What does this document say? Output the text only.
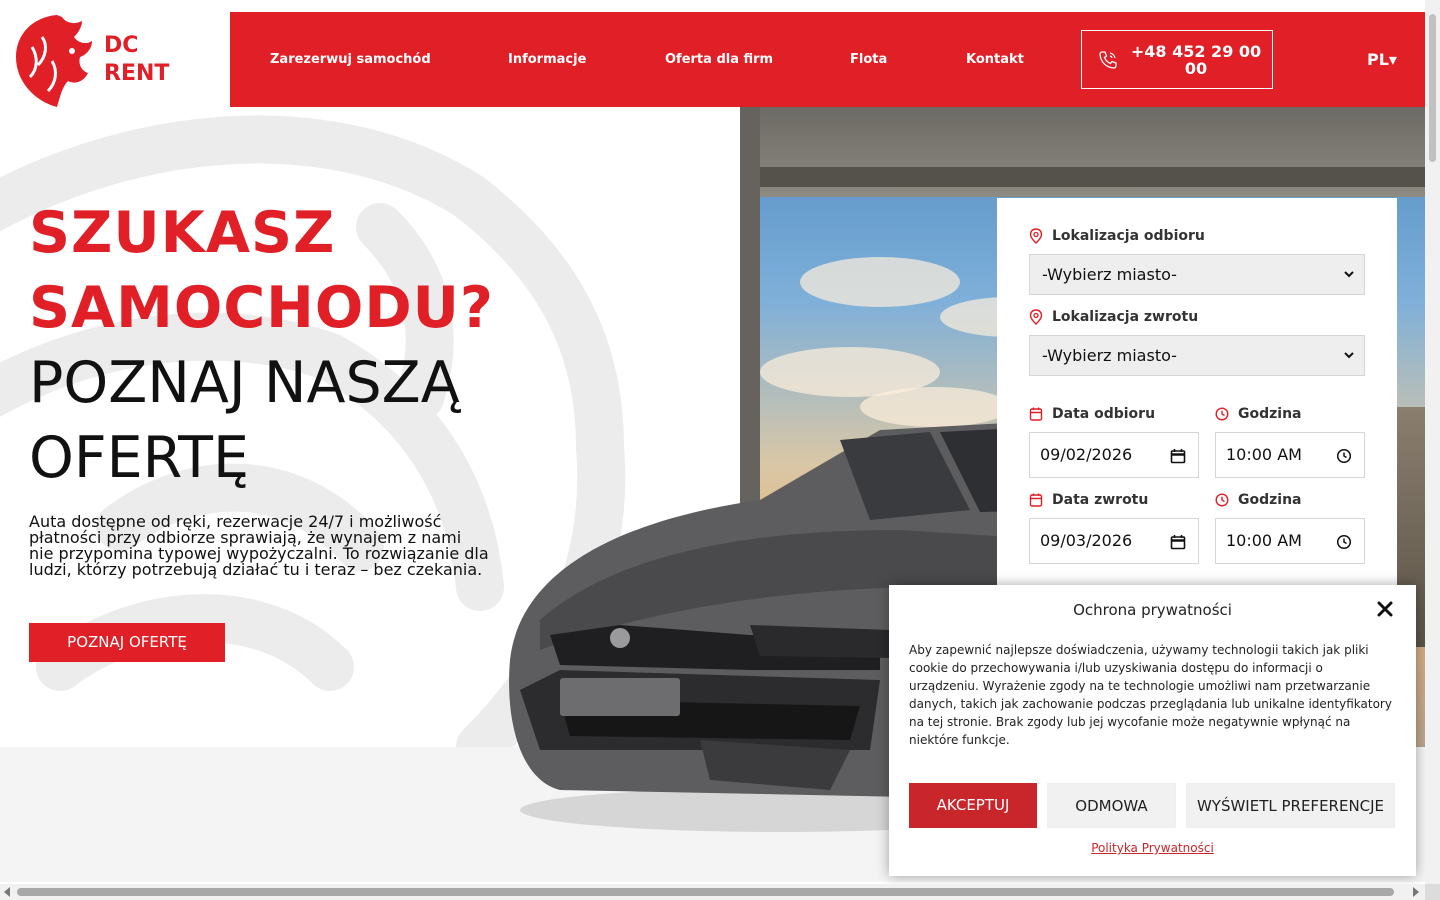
DC
RENT
Zarezerwuj samochód	Informacje	Oferta dla firm	Flota	Kontakt	+48 452 29 00
00	PL▾
SZUKASZ
SAMOCHODU?
POZNAJ NASZĄ
OFERTĘ
Auta dostępne od ręki, rezerwacje 24/7 i możliwość
płatności przy odbiorze sprawiają, że wynajem z nami
nie przypomina typowej wypożyczalni. To rozwiązanie dla
ludzi, którzy potrzebują działać tu i teraz – bez czekania.
POZNAJ OFERTĘ
Lokalizacja odbioru
-Wybierz miasto-
Lokalizacja zwrotu
-Wybierz miasto-
Data odbioru	Godzina
09/02/2026	10:00 AM
Data zwrotu	Godzina
09/03/2026	10:00 AM
Ochrona prywatności
Aby zapewnić najlepsze doświadczenia, używamy technologii takich jak pliki
cookie do przechowywania i/lub uzyskiwania dostępu do informacji o
urządzeniu. Wyrażenie zgody na te technologie umożliwi nam przetwarzanie
danych, takich jak zachowanie podczas przeglądania lub unikalne identyfikatory
na tej stronie. Brak zgody lub jej wycofanie może negatywnie wpłynąć na
niektóre funkcje.
AKCEPTUJ	ODMOWA	WYŚWIETL PREFERENCJE
Polityka Prywatności
